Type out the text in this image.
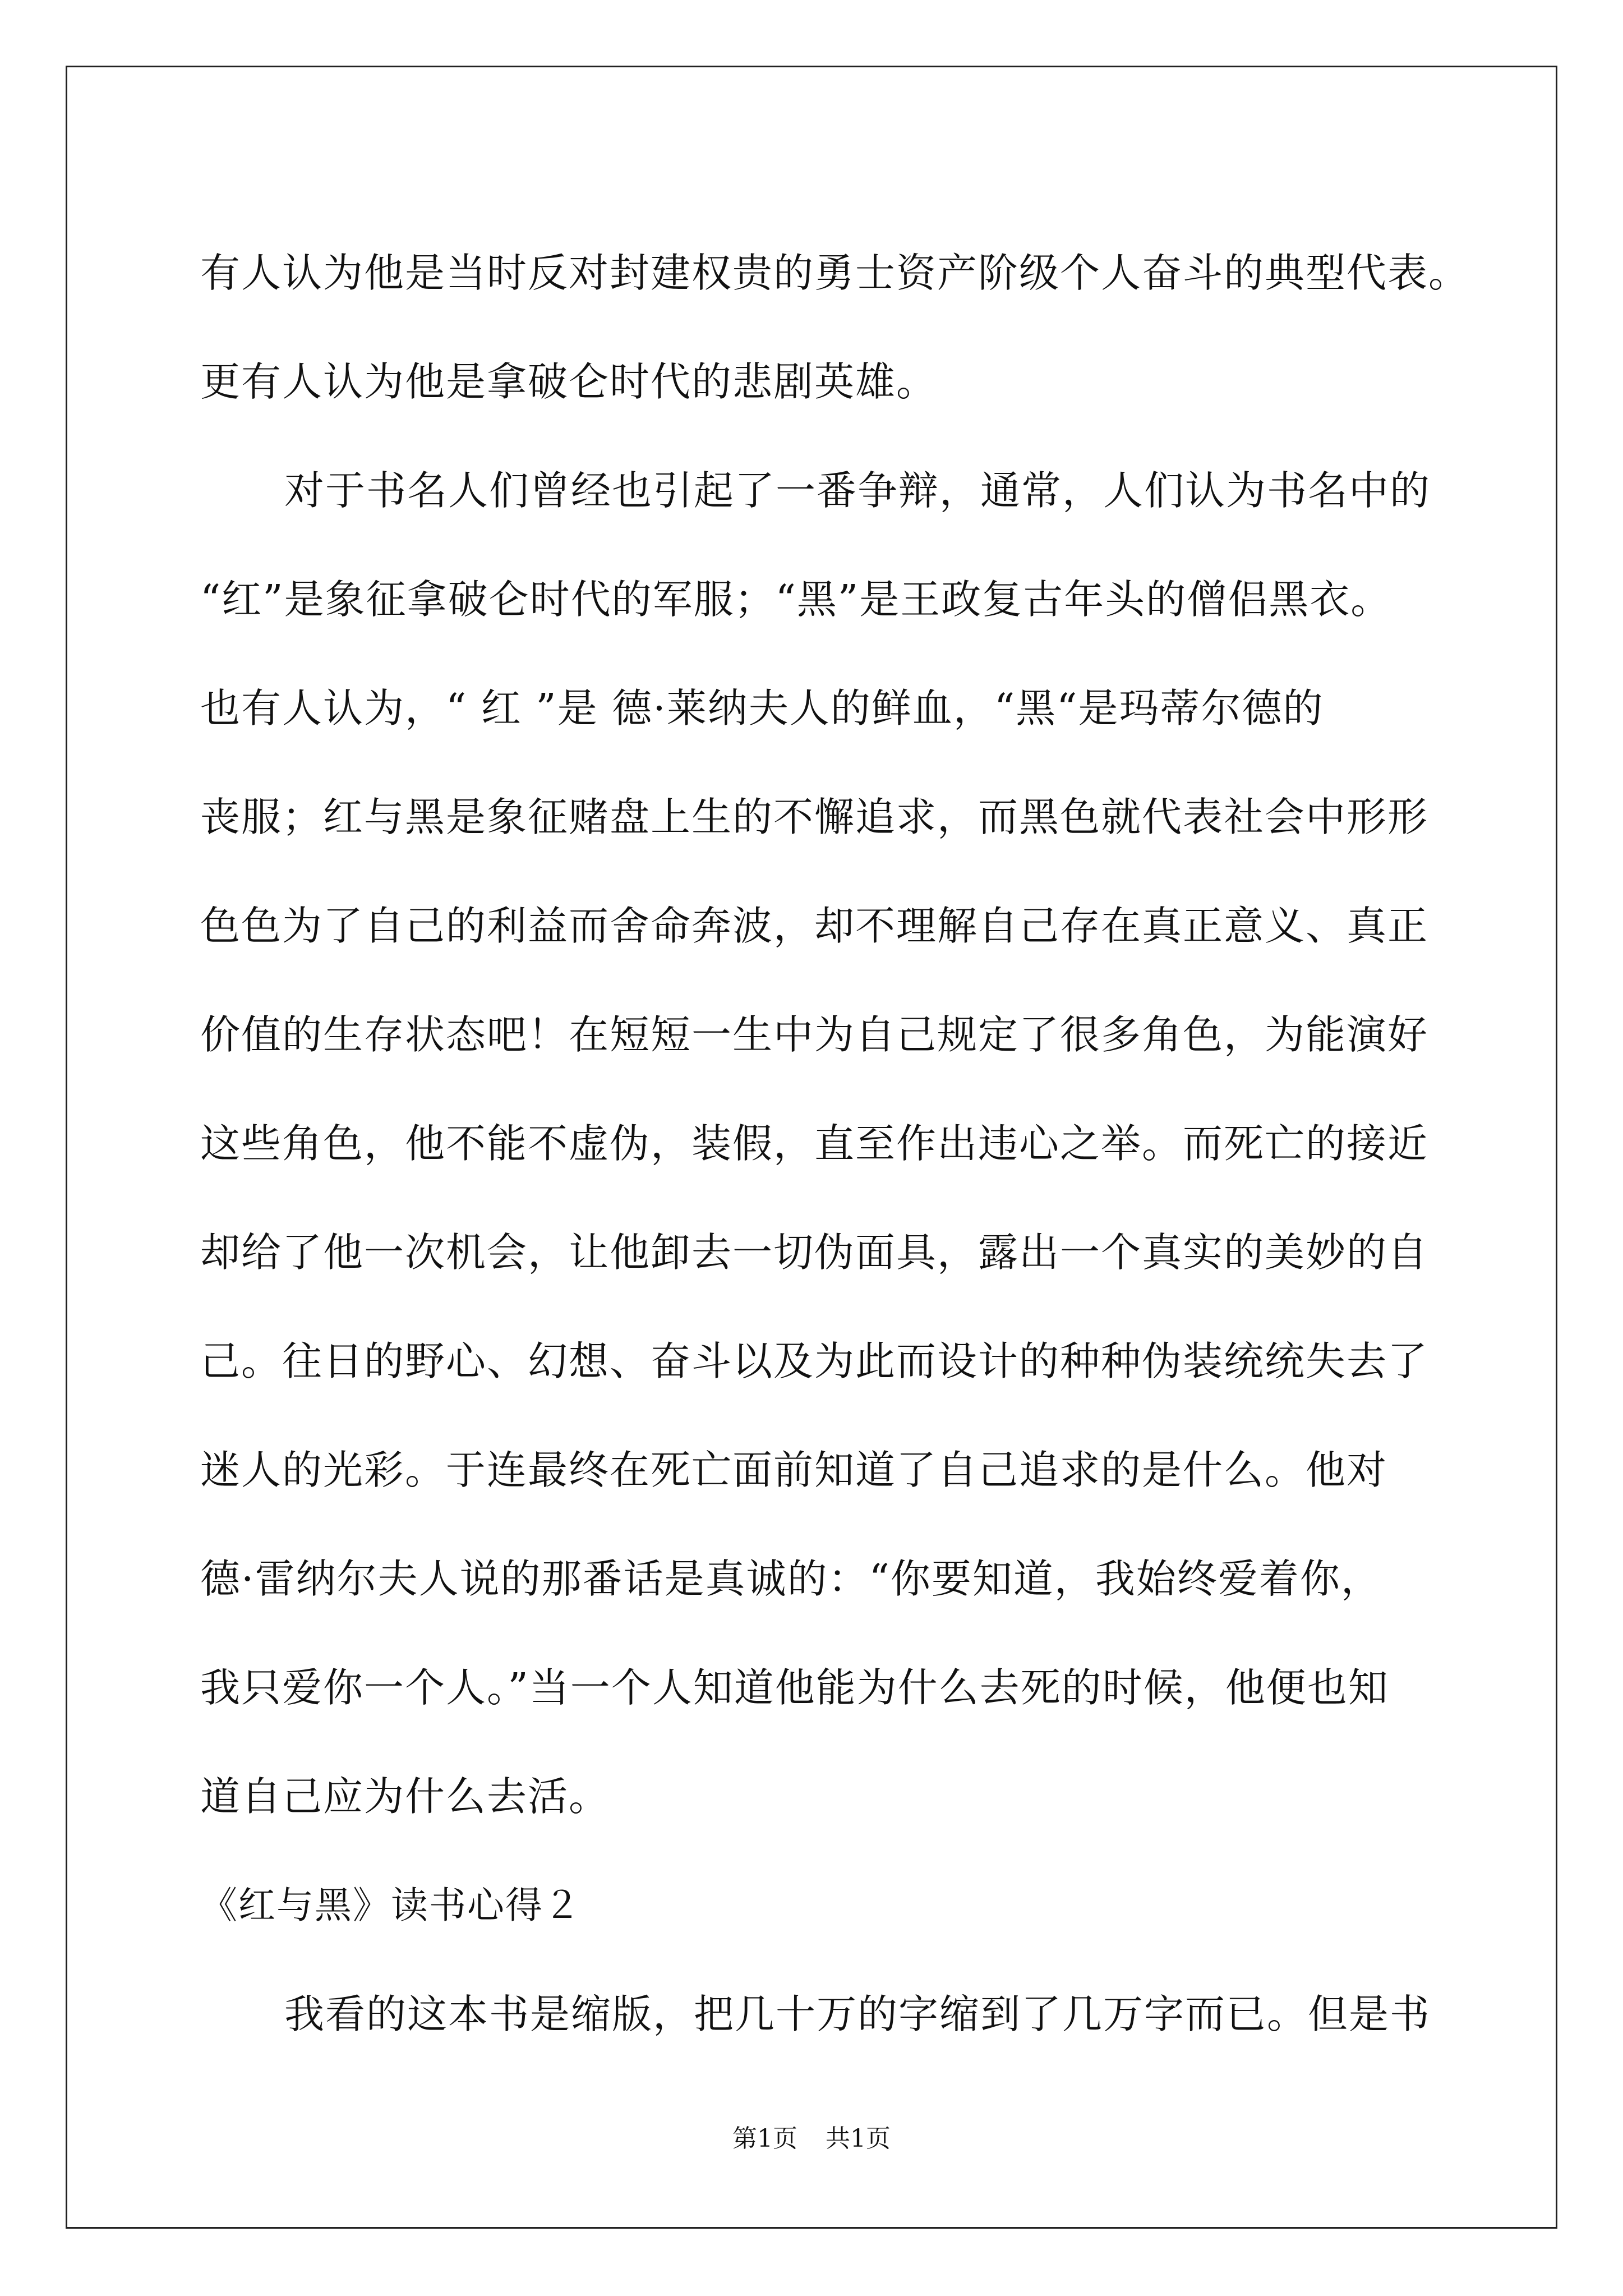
有人认为他是当时反对封建权贵的勇士资产阶级个人奋斗的典型代表。
更有人认为他是拿破仑时代的悲剧英雄。
对于书名人们曾经也引起了一番争辩，通常，人们认为书名中的
“红”是象征拿破仑时代的军服；“黑”是王政复古年头的僧侣黑衣。
也有人认为，“ 红 ”是 德·莱纳夫人的鲜血，“黑“是玛蒂尔德的
丧服；红与黑是象征赌盘上生的不懈追求，而黑色就代表社会中形形
色色为了自己的利益而舍命奔波，却不理解自己存在真正意义、真正
价值的生存状态吧！在短短一生中为自己规定了很多角色，为能演好
这些角色，他不能不虚伪，装假，直至作出违心之举。而死亡的接近
却给了他一次机会，让他卸去一切伪面具，露出一个真实的美妙的自
己。往日的野心、幻想、奋斗以及为此而设计的种种伪装统统失去了
迷人的光彩。于连最终在死亡面前知道了自己追求的是什么。他对
德·雷纳尔夫人说的那番话是真诚的：“你要知道，我始终爱着你，
我只爱你一个人。”当一个人知道他能为什么去死的时候，他便也知
道自己应为什么去活。
《红与黑》读书心得２
我看的这本书是缩版，把几十万的字缩到了几万字而已。但是书
第1页 共1页
